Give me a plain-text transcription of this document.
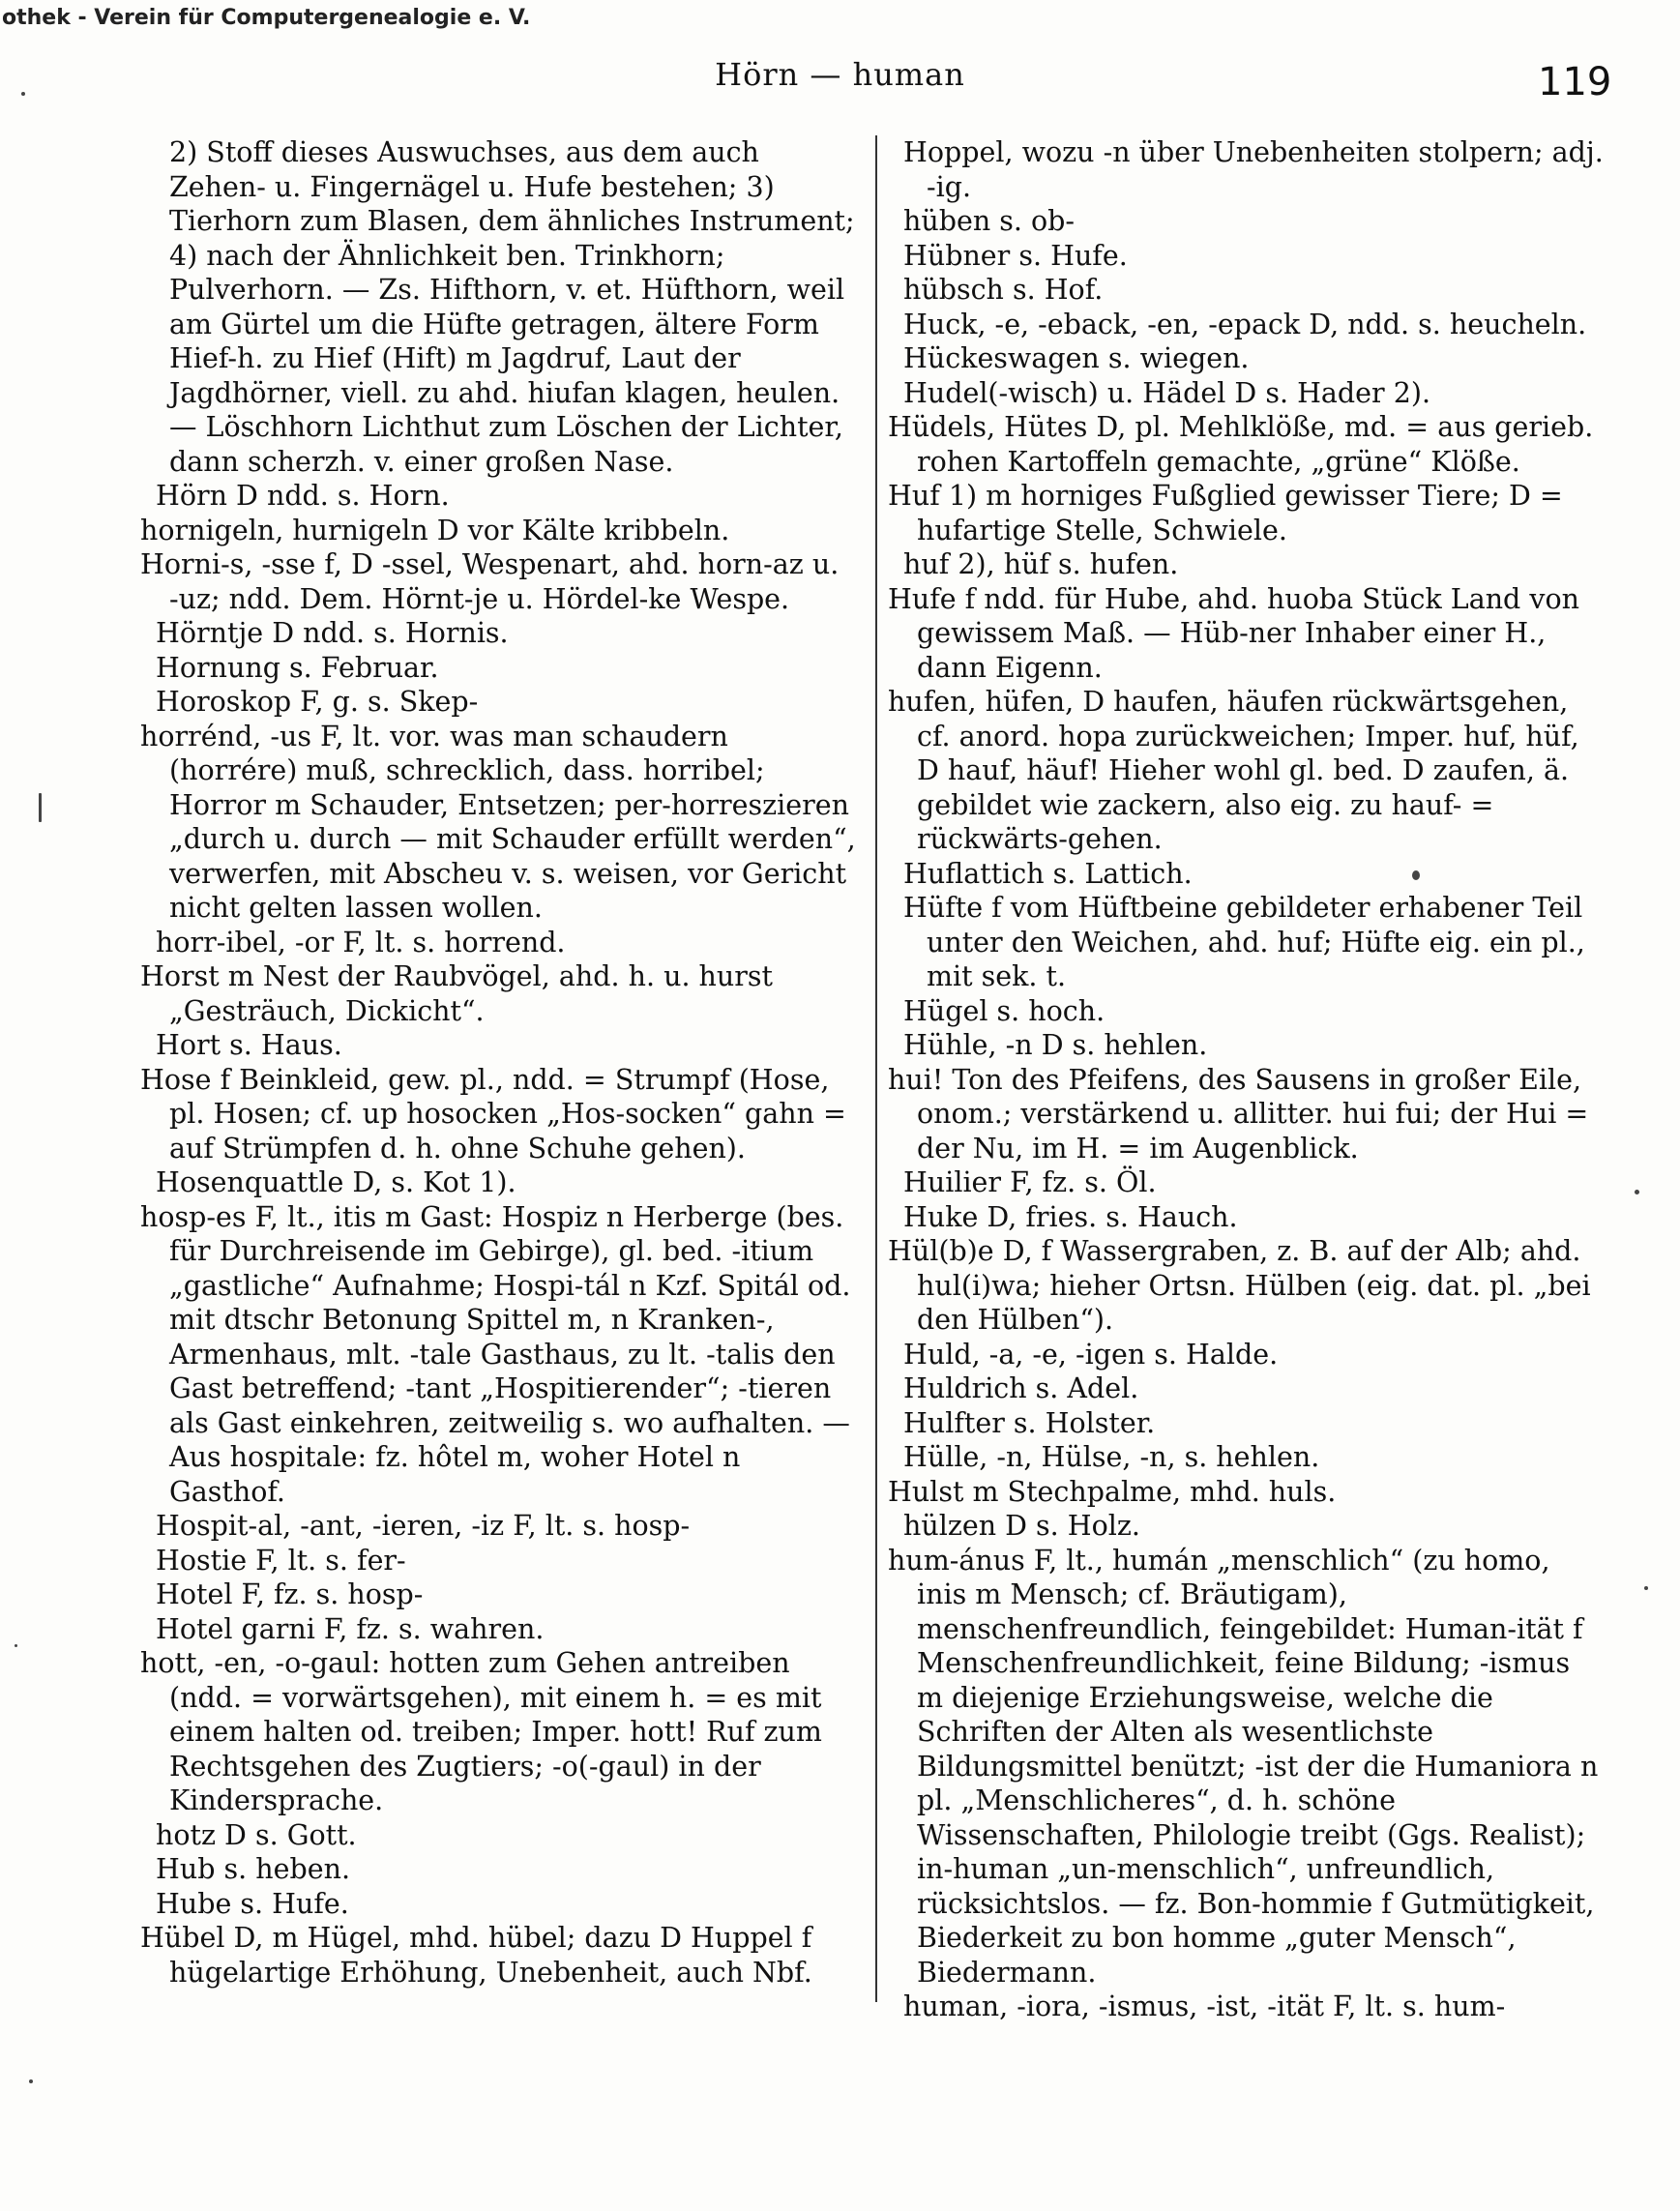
othek - Verein für Computergenealogie e. V.
Hörn — human	119

2) Stoff dieses Auswuchses, aus dem auch Zehen- u. Fingernägel u. Hufe bestehen; 3) Tierhorn zum Blasen, dem ähnliches Instrument; 4) nach der Ähnlichkeit ben. Trinkhorn; Pulverhorn. — Zs. Hifthorn, v. et. Hüfthorn, weil am Gürtel um die Hüfte getragen, ältere Form Hief-h. zu Hief (Hift) m Jagdruf, Laut der Jagdhörner, viell. zu ahd. hiufan klagen, heulen. — Löschhorn Lichthut zum Löschen der Lichter, dann scherzh. v. einer großen Nase.

Hörn D ndd. s. Horn.

hornigeln, hurnigeln D vor Kälte kribbeln.

Horni-s, -sse f, D -ssel, Wespenart, ahd. horn-az u. -uz; ndd. Dem. Hörnt-je u. Hördel-ke Wespe.

Hörntje D ndd. s. Hornis.

Hornung s. Februar.

Horoskop F, g. s. Skep-

horrénd, -us F, lt. vor. was man schaudern (horrére) muß, schrecklich, dass. horribel; Horror m Schauder, Entsetzen; per-horreszieren „durch u. durch — mit Schauder erfüllt werden“, verwerfen, mit Abscheu v. s. weisen, vor Gericht nicht gelten lassen wollen.

horr-ibel, -or F, lt. s. horrend.

Horst m Nest der Raubvögel, ahd. h. u. hurst „Gesträuch, Dickicht“.

Hort s. Haus.

Hose f Beinkleid, gew. pl., ndd. = Strumpf (Hose, pl. Hosen; cf. up hosocken „Hos-socken“ gahn = auf Strümpfen d. h. ohne Schuhe gehen).

Hosenquattle D, s. Kot 1).

hosp-es F, lt., itis m Gast: Hospiz n Herberge (bes. für Durchreisende im Gebirge), gl. bed. -itium „gastliche“ Aufnahme; Hospi-tál n Kzf. Spitál od. mit dtschr Betonung Spittel m, n Kranken-, Armenhaus, mlt. -tale Gasthaus, zu lt. -talis den Gast betreffend; -tant „Hospitierender“; -tieren als Gast einkehren, zeitweilig s. wo aufhalten. — Aus hospitale: fz. hôtel m, woher Hotel n Gasthof.

Hospit-al, -ant, -ieren, -iz F, lt. s. hosp-

Hostie F, lt. s. fer-

Hotel F, fz. s. hosp-

Hotel garni F, fz. s. wahren.

hott, -en, -o-gaul: hotten zum Gehen antreiben (ndd. = vorwärtsgehen), mit einem h. = es mit einem halten od. treiben; Imper. hott! Ruf zum Rechtsgehen des Zugtiers; -o(-gaul) in der Kindersprache.

hotz D s. Gott.

Hub s. heben.

Hube s. Hufe.

Hübel D, m Hügel, mhd. hübel; dazu D Huppel f hügelartige Erhöhung, Unebenheit, auch Nbf.

Hoppel, wozu -n über Unebenheiten stolpern; adj. -ig.

hüben s. ob-

Hübner s. Hufe.

hübsch s. Hof.

Huck, -e, -eback, -en, -epack D, ndd. s. heucheln.

Hückeswagen s. wiegen.

Hudel(-wisch) u. Hädel D s. Hader 2).

Hüdels, Hütes D, pl. Mehlklöße, md. = aus gerieb. rohen Kartoffeln gemachte, „grüne“ Klöße.

Huf 1) m horniges Fußglied gewisser Tiere; D = hufartige Stelle, Schwiele.

huf 2), hüf s. hufen.

Hufe f ndd. für Hube, ahd. huoba Stück Land von gewissem Maß. — Hüb-ner Inhaber einer H., dann Eigenn.

hufen, hüfen, D haufen, häufen rückwärtsgehen, cf. anord. hopa zurückweichen; Imper. huf, hüf, D hauf, häuf! Hieher wohl gl. bed. D zaufen, ä. gebildet wie zackern, also eig. zu hauf- = rückwärts-gehen.

Huflattich s. Lattich.

Hüfte f vom Hüftbeine gebildeter erhabener Teil unter den Weichen, ahd. huf; Hüfte eig. ein pl., mit sek. t.

Hügel s. hoch.

Hühle, -n D s. hehlen.

hui! Ton des Pfeifens, des Sausens in großer Eile, onom.; verstärkend u. allitter. hui fui; der Hui = der Nu, im H. = im Augenblick.

Huilier F, fz. s. Öl.

Huke D, fries. s. Hauch.

Hül(b)e D, f Wassergraben, z. B. auf der Alb; ahd. hul(i)wa; hieher Ortsn. Hülben (eig. dat. pl. „bei den Hülben“).

Huld, -a, -e, -igen s. Halde.

Huldrich s. Adel.

Hulfter s. Holster.

Hülle, -n, Hülse, -n, s. hehlen.

Hulst m Stechpalme, mhd. huls.

hülzen D s. Holz.

hum-ánus F, lt., humán „menschlich“ (zu homo, inis m Mensch; cf. Bräutigam), menschenfreundlich, feingebildet: Human-ität f Menschenfreundlichkeit, feine Bildung; -ismus m diejenige Erziehungsweise, welche die Schriften der Alten als wesentlichste Bildungsmittel benützt; -ist der die Humaniora n pl. „Menschlicheres“, d. h. schöne Wissenschaften, Philologie treibt (Ggs. Realist); in-human „un-menschlich“, unfreundlich, rücksichtslos. — fz. Bon-hommie f Gutmütigkeit, Biederkeit zu bon homme „guter Mensch“, Biedermann.

human, -iora, -ismus, -ist, -ität F, lt. s. hum-
